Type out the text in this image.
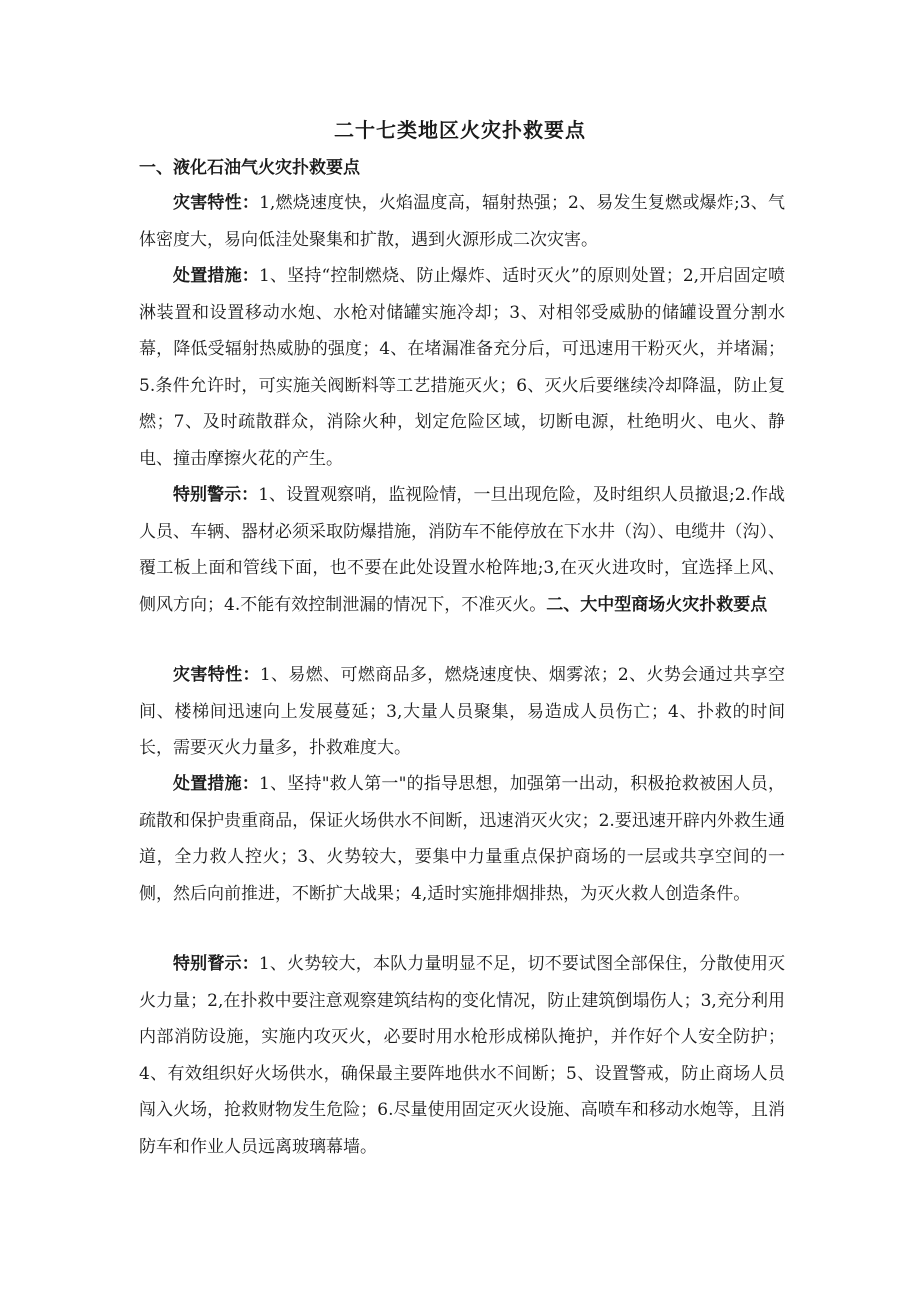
二十七类地区火灾扑救要点
一、液化石油气火灾扑救要点

灾害特性：1,燃烧速度快，火焰温度高，辐射热强；2、易发生复燃或爆炸;3、气体密度大，易向低洼处聚集和扩散，遇到火源形成二次灾害。

处置措施：1、坚持“控制燃烧、防止爆炸、适时灭火”的原则处置；2,开启固定喷淋装置和设置移动水炮、水枪对储罐实施冷却；3、对相邻受威胁的储罐设置分割水幕，降低受辐射热威胁的强度；4、在堵漏准备充分后，可迅速用干粉灭火，并堵漏；5.条件允许时，可实施关阀断料等工艺措施灭火；6、灭火后要继续冷却降温，防止复燃；7、及时疏散群众，消除火种，划定危险区域，切断电源，杜绝明火、电火、静电、撞击摩擦火花的产生。

特别警示：1、设置观察哨，监视险情，一旦出现危险，及时组织人员撤退;2.作战人员、车辆、器材必须采取防爆措施，消防车不能停放在下水井（沟）、电缆井（沟）、覆工板上面和管线下面，也不要在此处设置水枪阵地;3,在灭火进攻时，宜选择上风、侧风方向；4.不能有效控制泄漏的情况下，不准灭火。二、大中型商场火灾扑救要点

灾害特性：1、易燃、可燃商品多，燃烧速度快、烟雾浓；2、火势会通过共享空间、楼梯间迅速向上发展蔓延；3,大量人员聚集，易造成人员伤亡；4、扑救的时间长，需要灭火力量多，扑救难度大。

处置措施：1、坚持"救人第一"的指导思想，加强第一出动，积极抢救被困人员，疏散和保护贵重商品，保证火场供水不间断，迅速消灭火灾；2.要迅速开辟内外救生通道，全力救人控火；3、火势较大，要集中力量重点保护商场的一层或共享空间的一侧，然后向前推进，不断扩大战果；4,适时实施排烟排热，为灭火救人创造条件。

特别瞀示：1、火势较大，本队力量明显不足，切不要试图全部保住，分散使用灭火力量；2,在扑救中要注意观察建筑结构的变化情况，防止建筑倒塌伤人；3,充分利用内部消防设施，实施内攻灭火，必要时用水枪形成梯队掩护，并作好个人安全防护；4、有效组织好火场供水，确保最主要阵地供水不间断；5、设置警戒，防止商场人员闯入火场，抢救财物发生危险；6.尽量使用固定灭火设施、高喷车和移动水炮等，且消防车和作业人员远离玻璃幕墙。
